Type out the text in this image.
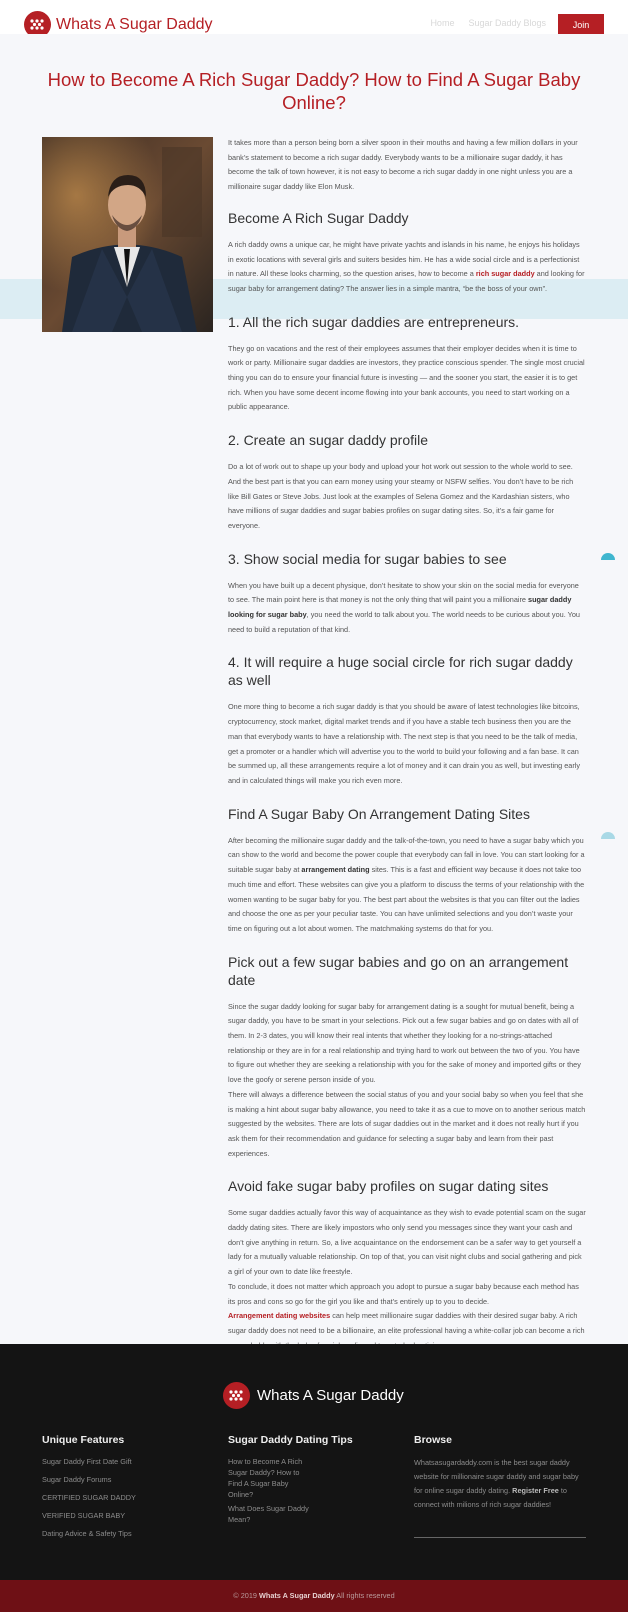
Whats A Sugar Daddy	Home Sugar Daddy Blogs	Join
How to Become A Rich Sugar Daddy? How to Find A Sugar Baby Online?

It takes more than a person being born a silver spoon in their mouths and having a few million dollars in your bank’s statement to become a rich sugar daddy. Everybody wants to be a millionaire sugar daddy, it has become the talk of town however, it is not easy to become a rich sugar daddy in one night unless you are a millionaire sugar daddy like Elon Musk.

Become A Rich Sugar Daddy

A rich daddy owns a unique car, he might have private yachts and islands in his name, he enjoys his holidays in exotic locations with several girls and suiters besides him. He has a wide social circle and is a perfectionist in nature. All these looks charming, so the question arises, how to become a rich sugar daddy and looking for sugar baby for arrangement dating? The answer lies in a simple mantra, “be the boss of your own”.

1. All the rich sugar daddies are entrepreneurs.

They go on vacations and the rest of their employees assumes that their employer decides when it is time to work or party. Millionaire sugar daddies are investors, they practice conscious spender. The single most crucial thing you can do to ensure your financial future is investing — and the sooner you start, the easier it is to get rich. When you have some decent income flowing into your bank accounts, you need to start working on a public appearance.

2. Create an sugar daddy profile

Do a lot of work out to shape up your body and upload your hot work out session to the whole world to see. And the best part is that you can earn money using your steamy or NSFW selfies. You don’t have to be rich like Bill Gates or Steve Jobs. Just look at the examples of Selena Gomez and the Kardashian sisters, who have millions of sugar daddies and sugar babies profiles on sugar dating sites. So, it’s a fair game for everyone.

3. Show social media for sugar babies to see

When you have built up a decent physique, don’t hesitate to show your skin on the social media for everyone to see. The main point here is that money is not the only thing that will paint you a millionaire sugar daddy looking for sugar baby, you need the world to talk about you. The world needs to be curious about you. You need to build a reputation of that kind.

4. It will require a huge social circle for rich sugar daddy as well

One more thing to become a rich sugar daddy is that you should be aware of latest technologies like bitcoins, cryptocurrency, stock market, digital market trends and if you have a stable tech business then you are the man that everybody wants to have a relationship with. The next step is that you need to be the talk of media, get a promoter or a handler which will advertise you to the world to build your following and a fan base. It can be summed up, all these arrangements require a lot of money and it can drain you as well, but investing early and in calculated things will make you rich even more.

Find A Sugar Baby On Arrangement Dating Sites

After becoming the millionaire sugar daddy and the talk-of-the-town, you need to have a sugar baby which you can show to the world and become the power couple that everybody can fall in love. You can start looking for a suitable sugar baby at arrangement dating sites. This is a fast and efficient way because it does not take too much time and effort. These websites can give you a platform to discuss the terms of your relationship with the women wanting to be sugar baby for you. The best part about the websites is that you can filter out the ladies and choose the one as per your peculiar taste. You can have unlimited selections and you don’t waste your time on figuring out a lot about women. The matchmaking systems do that for you.

Pick out a few sugar babies and go on an arrangement date

Since the sugar daddy looking for sugar baby for arrangement dating is a sought for mutual benefit, being a sugar daddy, you have to be smart in your selections. Pick out a few sugar babies and go on dates with all of them. In 2-3 dates, you will know their real intents that whether they looking for a no-strings-attached relationship or they are in for a real relationship and trying hard to work out between the two of you. You have to figure out whether they are seeking a relationship with you for the sake of money and imported gifts or they love the goofy or serene person inside of you.

There will always a difference between the social status of you and your social baby so when you feel that she is making a hint about sugar baby allowance, you need to take it as a cue to move on to another serious match suggested by the websites. There are lots of sugar daddies out in the market and it does not really hurt if you ask them for their recommendation and guidance for selecting a sugar baby and learn from their past experiences.

Avoid fake sugar baby profiles on sugar dating sites

Some sugar daddies actually favor this way of acquaintance as they wish to evade potential scam on the sugar daddy dating sites. There are likely impostors who only send you messages since they want your cash and don’t give anything in return. So, a live acquaintance on the endorsement can be a safer way to get yourself a lady for a mutually valuable relationship. On top of that, you can visit night clubs and social gathering and pick a girl of your own to date like freestyle.

To conclude, it does not matter which approach you adopt to pursue a sugar baby because each method has its pros and cons so go for the girl you like and that’s entirely up to you to decide.

Arrangement dating websites can help meet millionaire sugar daddies with their desired sugar baby. A rich sugar daddy does not need to be a billionaire, an elite professional having a white-collar job can become a rich

Whats A Sugar Daddy
Unique Features
Sugar Daddy First Date Gift
Sugar Daddy Forums
CERTIFIED SUGAR DADDY
VERIFIED SUGAR BABY
Dating Advice & Safety Tips
Sugar Daddy Dating Tips
How to Become A Rich Sugar Daddy? How to Find A Sugar Baby Online?
What Does Sugar Daddy Mean?
Browse

Whatsasugardaddy.com is the best sugar daddy website for millionaire sugar daddy and sugar baby for online sugar daddy dating. Register Free to connect with milions of rich sugar daddies!

© 2019 Whats A Sugar Daddy All rights reserved
